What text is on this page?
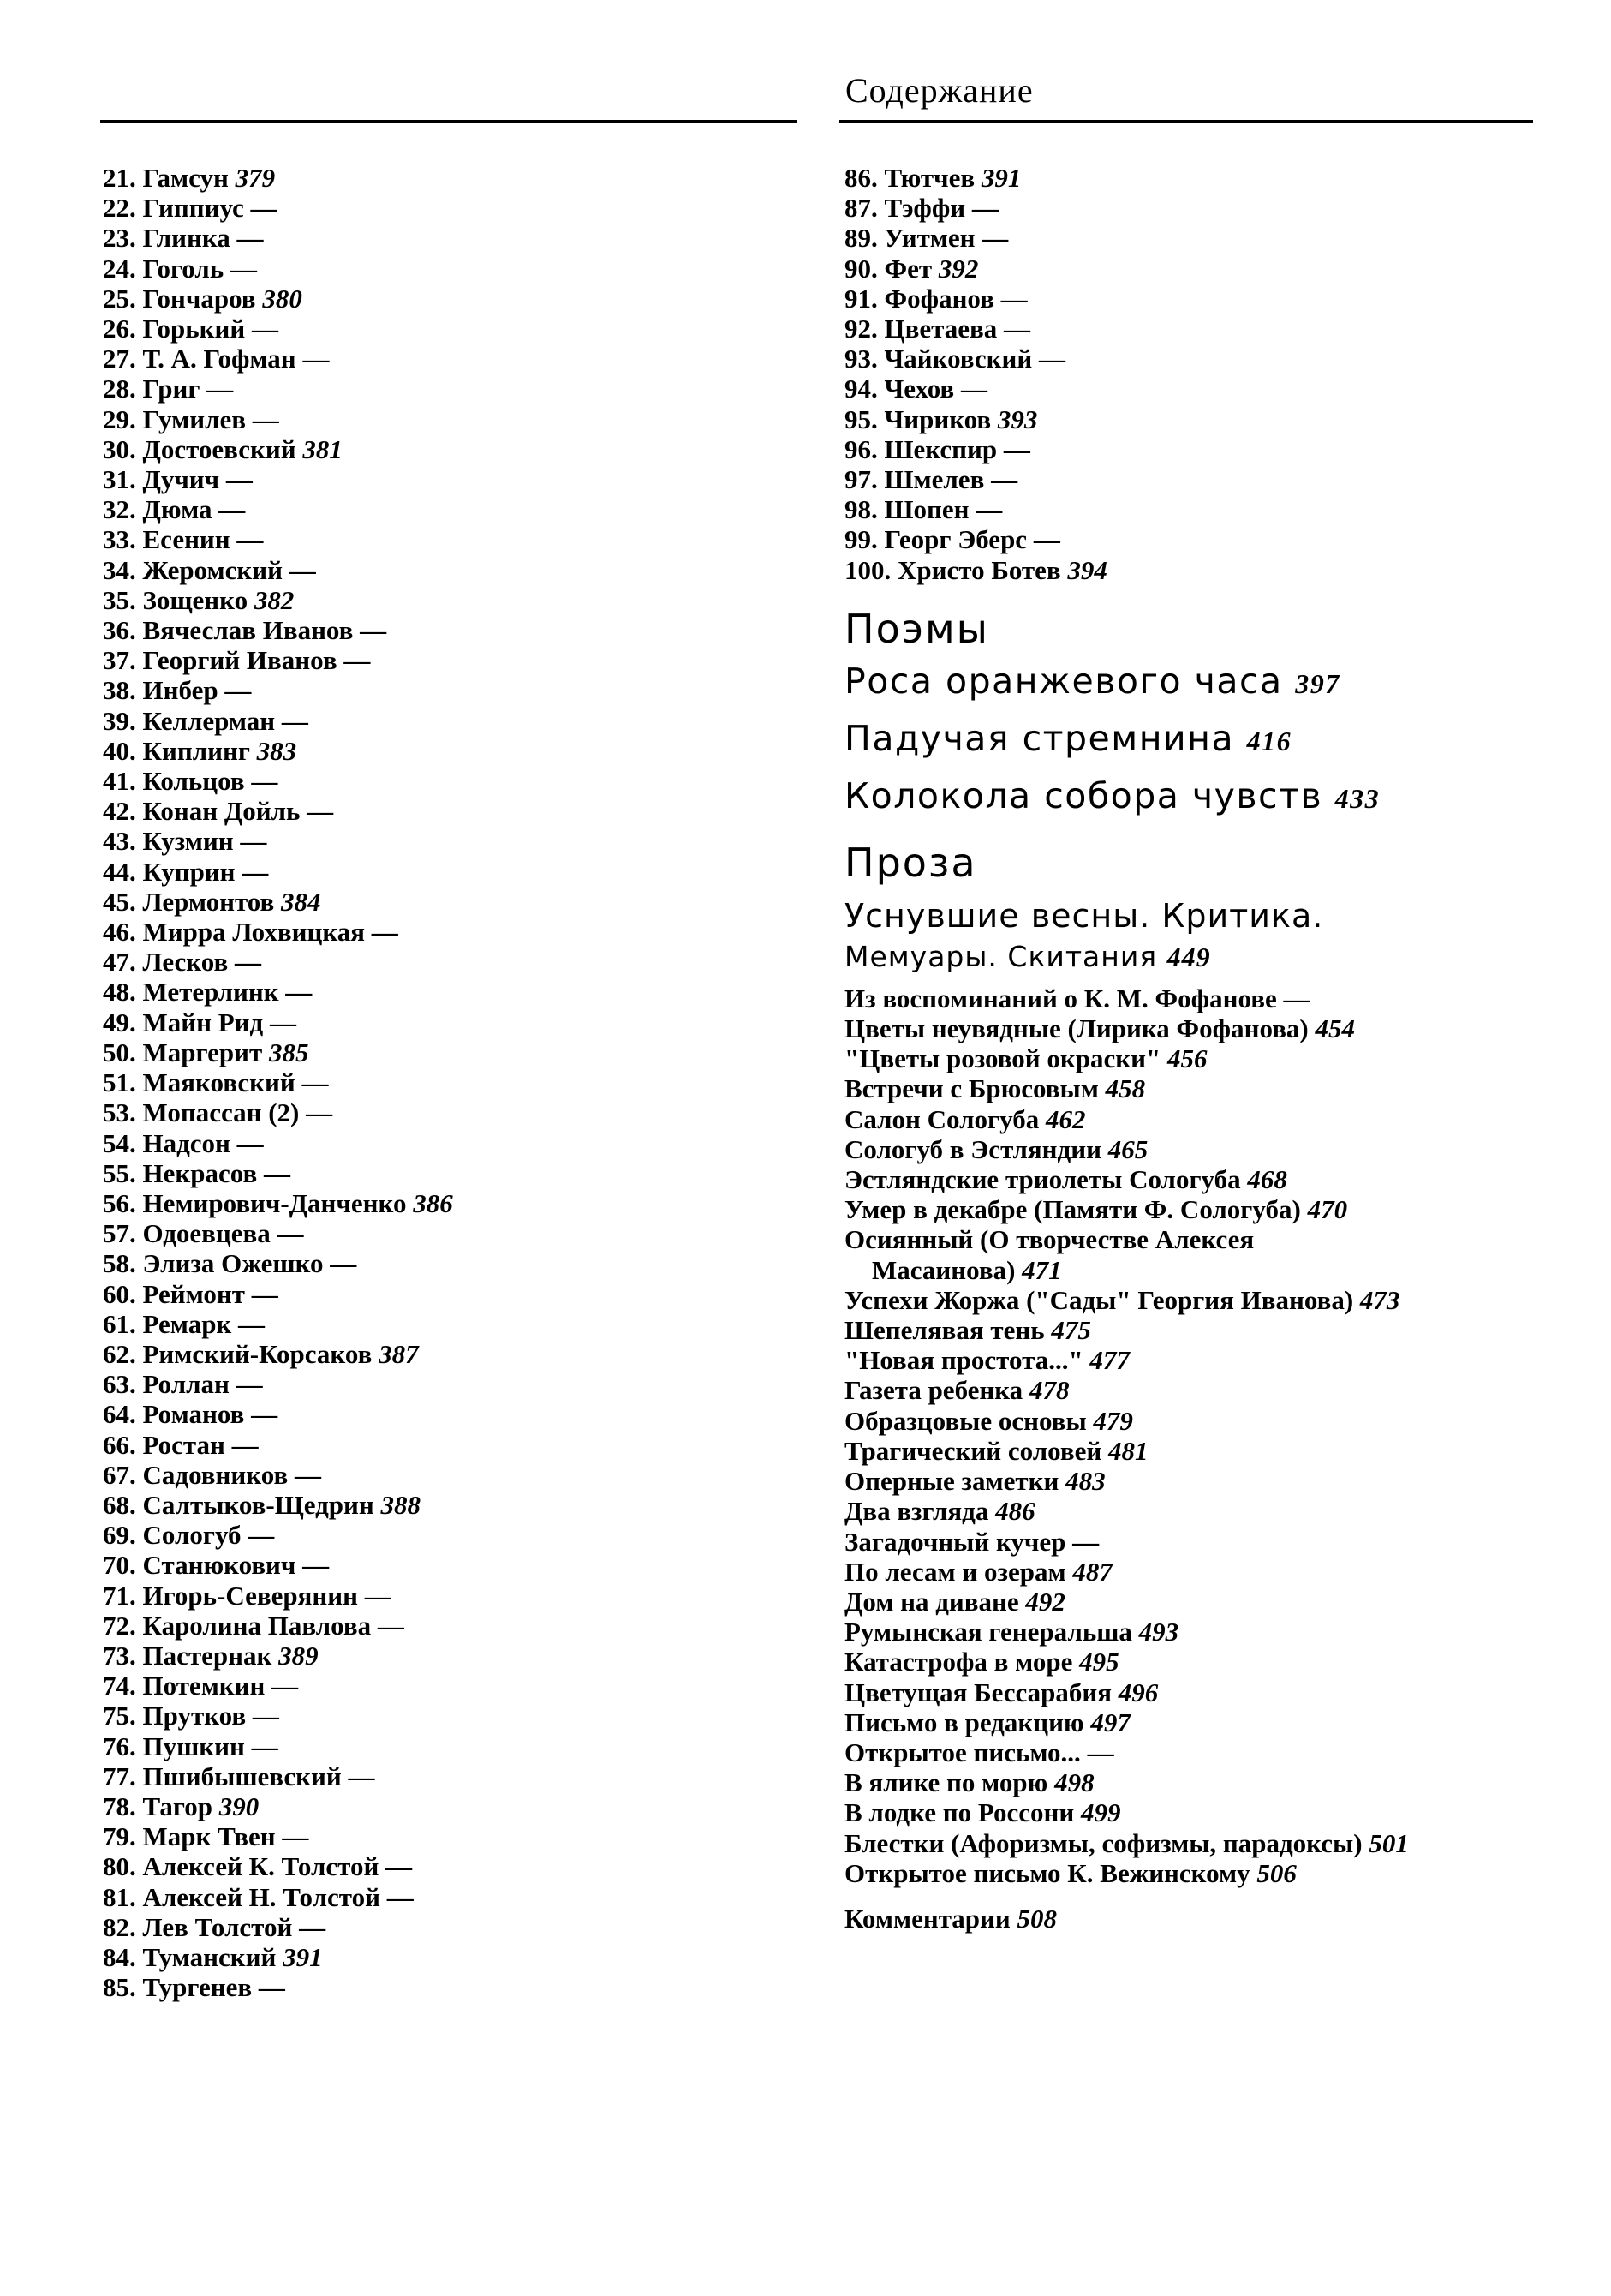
Содержание
21. Гамсун 379
22. Гиппиус —
23. Глинка —
24. Гоголь —
25. Гончаров 380
26. Горький —
27. Т. А. Гофман —
28. Григ —
29. Гумилев —
30. Достоевский 381
31. Дучич —
32. Дюма —
33. Есенин —
34. Жеромский —
35. Зощенко 382
36. Вячеслав Иванов —
37. Георгий Иванов —
38. Инбер —
39. Келлерман —
40. Киплинг 383
41. Кольцов —
42. Конан Дойль —
43. Кузмин —
44. Куприн —
45. Лермонтов 384
46. Мирра Лохвицкая —
47. Лесков —
48. Метерлинк —
49. Майн Рид —
50. Маргерит 385
51. Маяковский —
53. Мопассан (2) —
54. Надсон —
55. Некрасов —
56. Немирович-Данченко 386
57. Одоевцева —
58. Элиза Ожешко —
60. Реймонт —
61. Ремарк —
62. Римский-Корсаков 387
63. Роллан —
64. Романов —
66. Ростан —
67. Садовников —
68. Салтыков-Щедрин 388
69. Сологуб —
70. Станюкович —
71. Игорь-Северянин —
72. Каролина Павлова —
73. Пастернак 389
74. Потемкин —
75. Прутков —
76. Пушкин —
77. Пшибышевский —
78. Тагор 390
79. Марк Твен —
80. Алексей К. Толстой —
81. Алексей Н. Толстой —
82. Лев Толстой —
84. Туманский 391
85. Тургенев —
86. Тютчев 391
87. Тэффи —
89. Уитмен —
90. Фет 392
91. Фофанов —
92. Цветаева —
93. Чайковский —
94. Чехов —
95. Чириков 393
96. Шекспир —
97. Шмелев —
98. Шопен —
99. Георг Эберс —
100. Христо Ботев 394
Поэмы
Роса оранжевого часа 397
Падучая стремнина 416
Колокола собора чувств 433
Проза
Уснувшие весны. Критика.
Мемуары. Скитания 449
Из воспоминаний о К. М. Фофанове —
Цветы неувядные (Лирика Фофанова) 454
"Цветы розовой окраски" 456
Встречи с Брюсовым 458
Салон Сологуба 462
Сологуб в Эстляндии 465
Эстляндские триолеты Сологуба 468
Умер в декабре (Памяти Ф. Сологуба) 470
Осиянный (О творчестве Алексея
Масаинова) 471
Успехи Жоржа ("Сады" Георгия Иванова) 473
Шепелявая тень 475
"Новая простота..." 477
Газета ребенка 478
Образцовые основы 479
Трагический соловей 481
Оперные заметки 483
Два взгляда 486
Загадочный кучер —
По лесам и озерам 487
Дом на диване 492
Румынская генеральша 493
Катастрофа в море 495
Цветущая Бессарабия 496
Письмо в редакцию 497
Открытое письмо... —
В ялике по морю 498
В лодке по Россони 499
Блестки (Афоризмы, софизмы, парадоксы) 501
Открытое письмо К. Вежинскому 506
Комментарии 508
